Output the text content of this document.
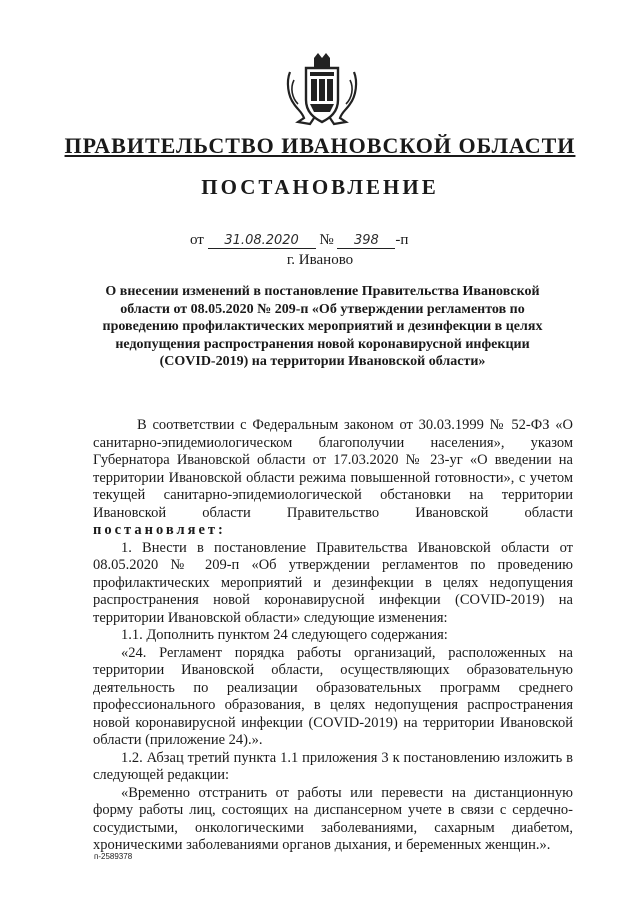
ПРАВИТЕЛЬСТВО ИВАНОВСКОЙ ОБЛАСТИ
ПОСТАНОВЛЕНИЕ
от 31.08.2020 № 398 -п
г. Иваново
О внесении изменений в постановление Правительства Ивановской области от 08.05.2020 № 209-п «Об утверждении регламентов по проведению профилактических мероприятий и дезинфекции в целях недопущения распространения новой коронавирусной инфекции (COVID-2019) на территории Ивановской области»

В соответствии с Федеральным законом от 30.03.1999 № 52-ФЗ «О санитарно-эпидемиологическом благополучии населения», указом Губернатора Ивановской области от 17.03.2020 № 23-уг «О введении на территории Ивановской области режима повышенной готовности», с учетом текущей санитарно-эпидемиологической обстановки на территории Ивановской области Правительство Ивановской области постановляет:

1. Внести в постановление Правительства Ивановской области от 08.05.2020 № 209-п «Об утверждении регламентов по проведению профилактических мероприятий и дезинфекции в целях недопущения распространения новой коронавирусной инфекции (COVID-2019) на территории Ивановской области» следующие изменения:

1.1. Дополнить пунктом 24 следующего содержания:

«24. Регламент порядка работы организаций, расположенных на территории Ивановской области, осуществляющих образовательную деятельность по реализации образовательных программ среднего профессионального образования, в целях недопущения распространения новой коронавирусной инфекции (COVID-2019) на территории Ивановской области (приложение 24).».

1.2. Абзац третий пункта 1.1 приложения 3 к постановлению изложить в следующей редакции:

«Временно отстранить от работы или перевести на дистанционную форму работы лиц, состоящих на диспансерном учете в связи с сердечно-сосудистыми, онкологическими заболеваниями, сахарным диабетом, хроническими заболеваниями органов дыхания, и беременных женщин.».

п-2589378
